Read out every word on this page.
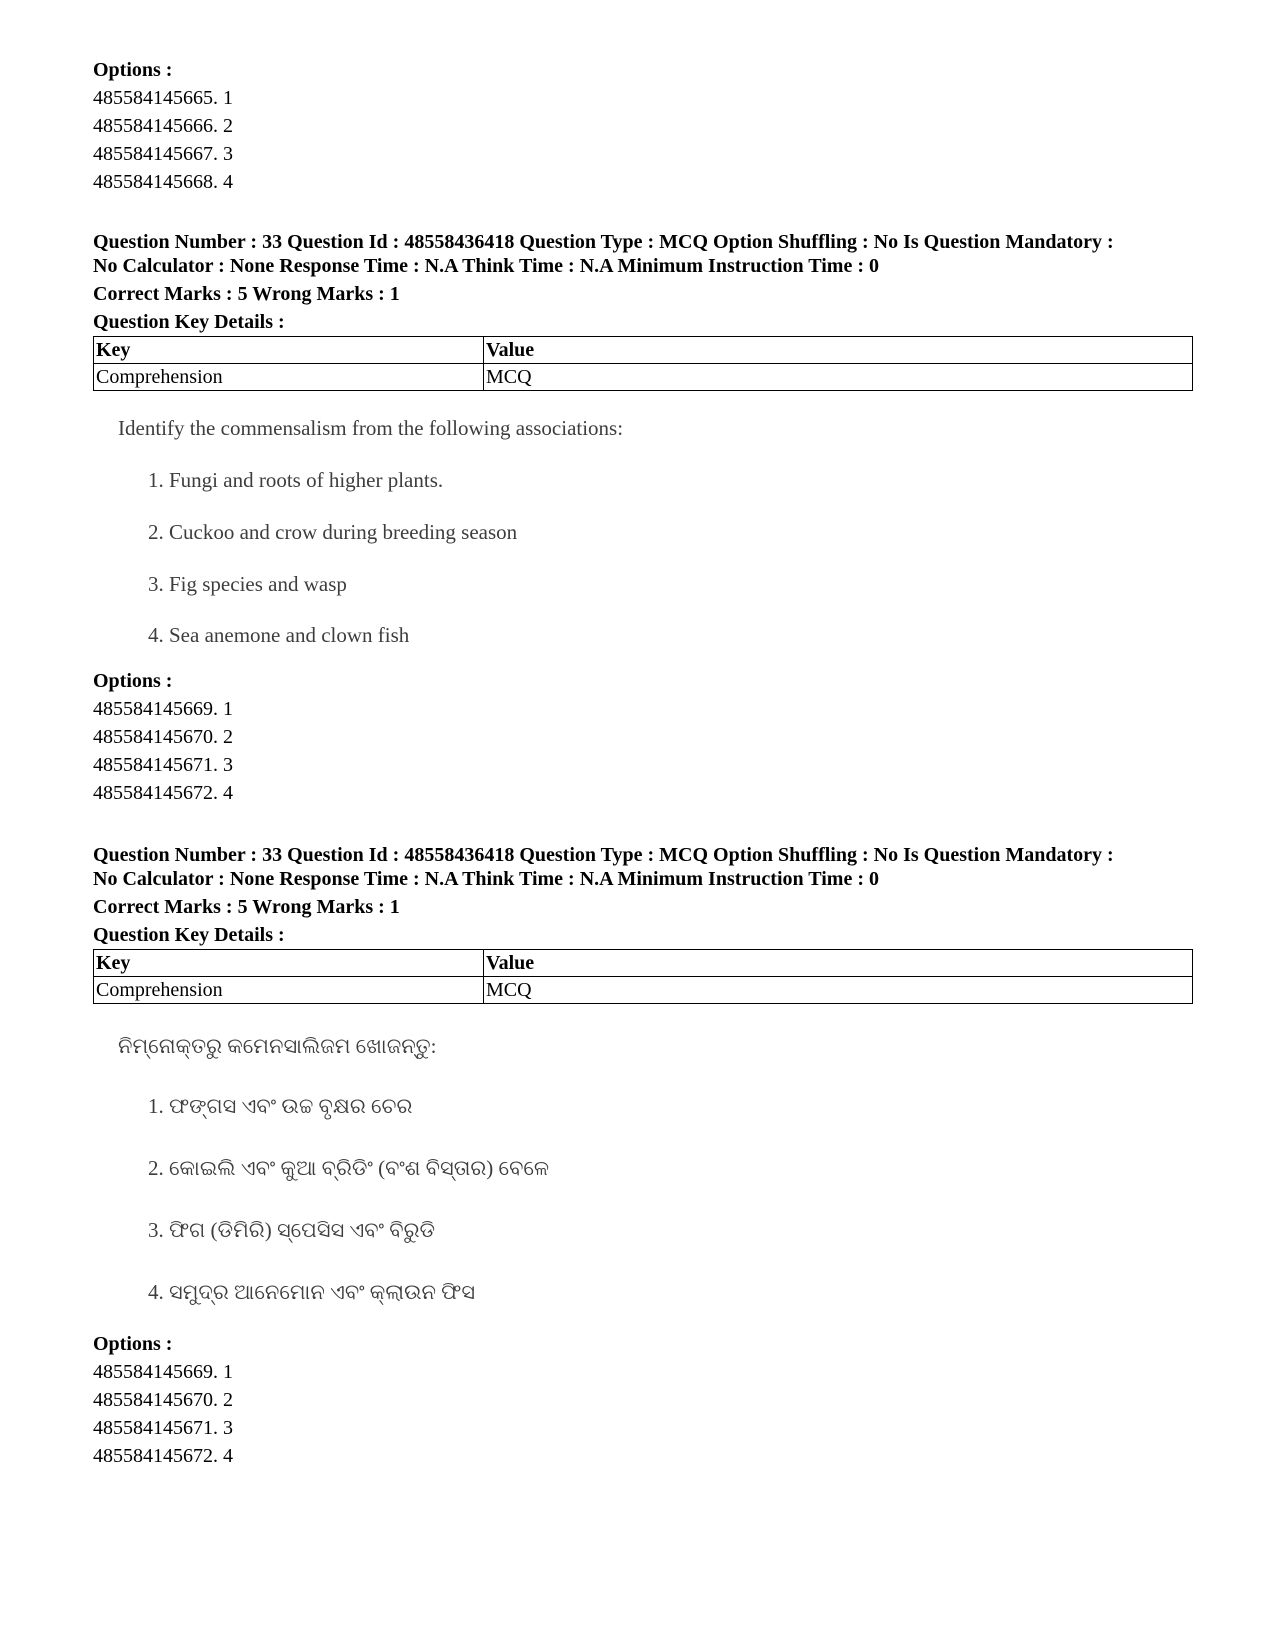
Options :
485584145665. 1
485584145666. 2
485584145667. 3
485584145668. 4
Question Number : 33 Question Id : 48558436418 Question Type : MCQ Option Shuffling : No Is Question Mandatory :
No Calculator : None Response Time : N.A Think Time : N.A Minimum Instruction Time : 0
Correct Marks : 5 Wrong Marks : 1
Question Key Details :
Key	Value
Comprehension	MCQ
Identify the commensalism from the following associations:
1. Fungi and roots of higher plants.
2. Cuckoo and crow during breeding season
3. Fig species and wasp
4. Sea anemone and clown fish
Options :
485584145669. 1
485584145670. 2
485584145671. 3
485584145672. 4
Question Number : 33 Question Id : 48558436418 Question Type : MCQ Option Shuffling : No Is Question Mandatory :
No Calculator : None Response Time : N.A Think Time : N.A Minimum Instruction Time : 0
Correct Marks : 5 Wrong Marks : 1
Question Key Details :
Key	Value
Comprehension	MCQ
ନିମ୍ନୋକ୍ତରୁ କମେନସାଲିଜମ ଖୋଜନ୍ତୁ:
1. ଫଙ୍ଗସ ଏବଂ ଉଚ୍ଚ ବୃକ୍ଷର ଚେର
2. କୋଇଲି ଏବଂ କୁଆ ବ୍ରିଡିଂ (ବଂଶ ବିସ୍ତାର) ବେଳେ
3. ଫିଗ (ଡିମିରି) ସ୍ପେସିସ ଏବଂ ବିରୁଡି
4. ସମୁଦ୍ର ଆନେମୋନ ଏବଂ କ୍ଲାଉନ ଫିସ
Options :
485584145669. 1
485584145670. 2
485584145671. 3
485584145672. 4
